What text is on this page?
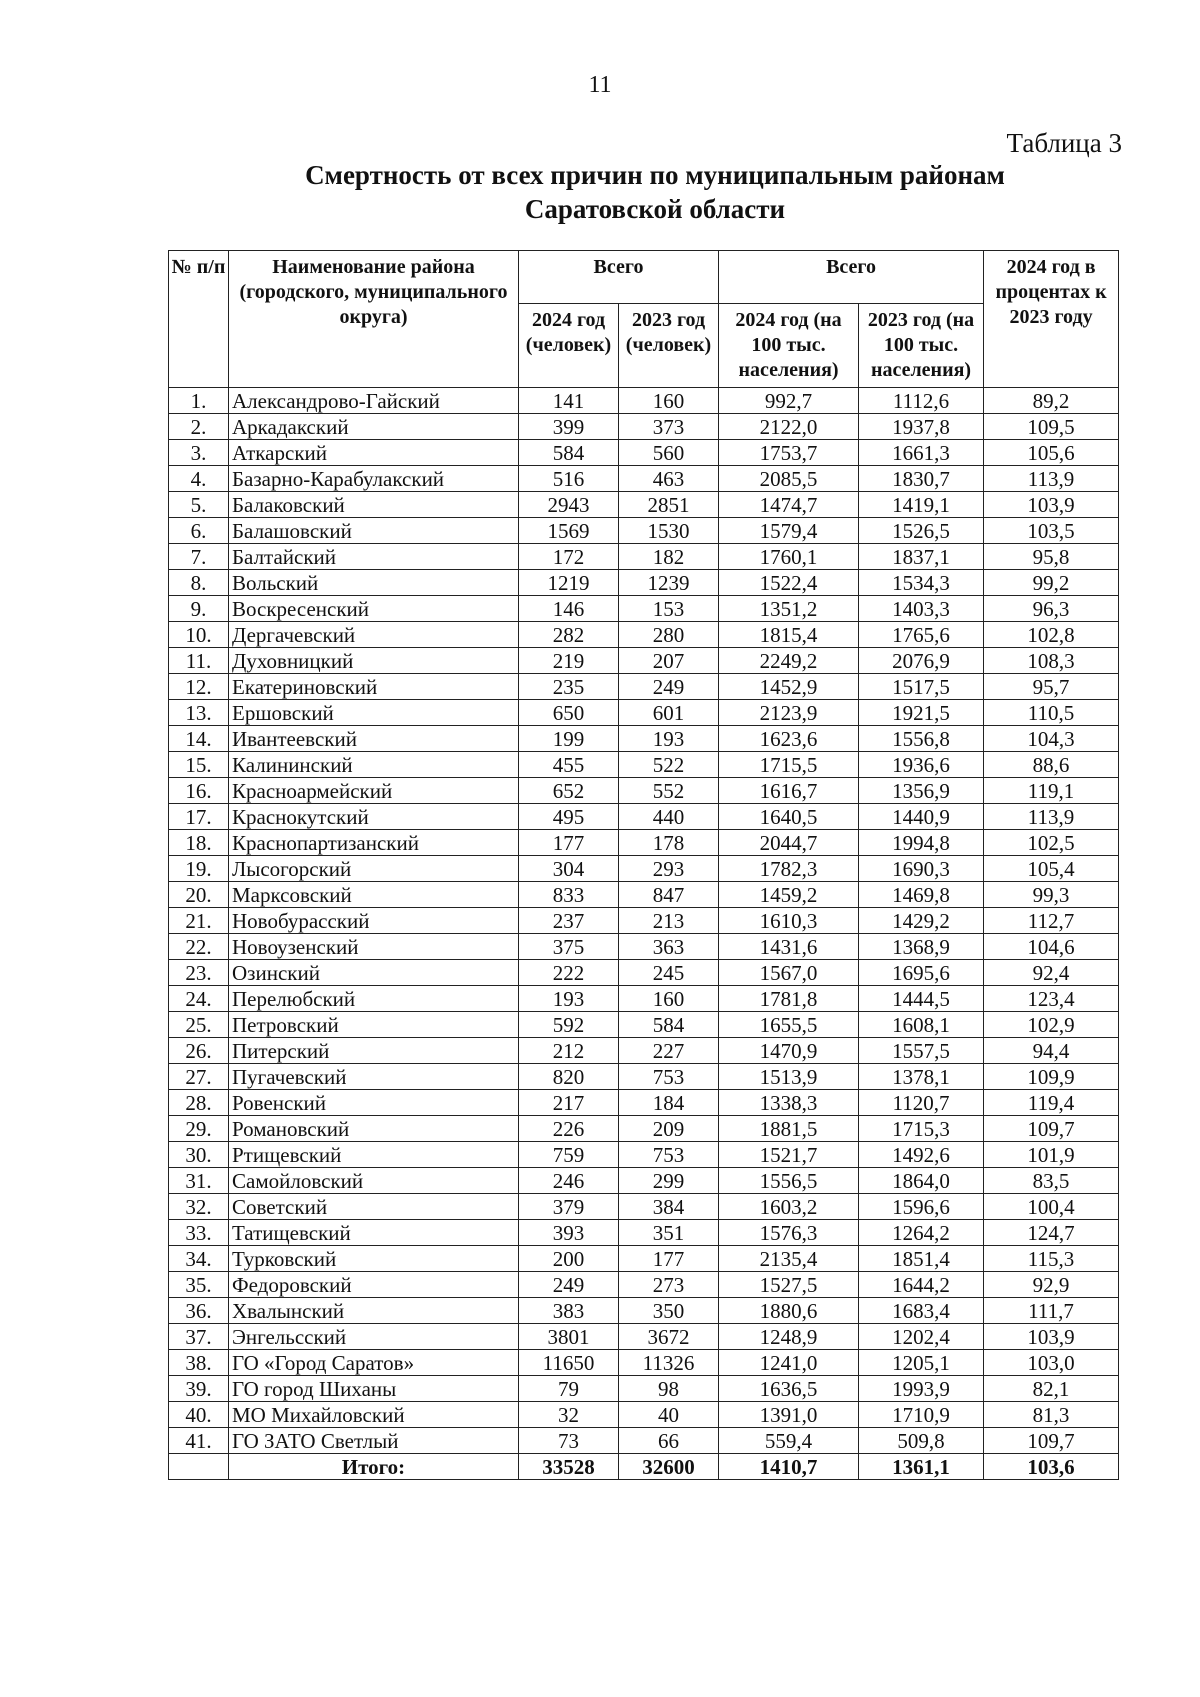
11
Таблица 3
Смертность от всех причин по муниципальным районам
Саратовской области
№ п/п	Наименование района (городского, муниципального округа)	Всего		Всего		2024 год в процентах к 2023 году
		2024 год (человек)	2023 год (человек)	2024 год (на 100 тыс. населения)	2023 год (на 100 тыс. населения)	
1.	Александрово-Гайский	141	160	992,7	1112,6	89,2
2.	Аркадакский	399	373	2122,0	1937,8	109,5
3.	Аткарский	584	560	1753,7	1661,3	105,6
4.	Базарно-Карабулакский	516	463	2085,5	1830,7	113,9
5.	Балаковский	2943	2851	1474,7	1419,1	103,9
6.	Балашовский	1569	1530	1579,4	1526,5	103,5
7.	Балтайский	172	182	1760,1	1837,1	95,8
8.	Вольский	1219	1239	1522,4	1534,3	99,2
9.	Воскресенский	146	153	1351,2	1403,3	96,3
10.	Дергачевский	282	280	1815,4	1765,6	102,8
11.	Духовницкий	219	207	2249,2	2076,9	108,3
12.	Екатериновский	235	249	1452,9	1517,5	95,7
13.	Ершовский	650	601	2123,9	1921,5	110,5
14.	Ивантеевский	199	193	1623,6	1556,8	104,3
15.	Калининский	455	522	1715,5	1936,6	88,6
16.	Красноармейский	652	552	1616,7	1356,9	119,1
17.	Краснокутский	495	440	1640,5	1440,9	113,9
18.	Краснопартизанский	177	178	2044,7	1994,8	102,5
19.	Лысогорский	304	293	1782,3	1690,3	105,4
20.	Марксовский	833	847	1459,2	1469,8	99,3
21.	Новобурасский	237	213	1610,3	1429,2	112,7
22.	Новоузенский	375	363	1431,6	1368,9	104,6
23.	Озинский	222	245	1567,0	1695,6	92,4
24.	Перелюбский	193	160	1781,8	1444,5	123,4
25.	Петровский	592	584	1655,5	1608,1	102,9
26.	Питерский	212	227	1470,9	1557,5	94,4
27.	Пугачевский	820	753	1513,9	1378,1	109,9
28.	Ровенский	217	184	1338,3	1120,7	119,4
29.	Романовский	226	209	1881,5	1715,3	109,7
30.	Ртищевский	759	753	1521,7	1492,6	101,9
31.	Самойловский	246	299	1556,5	1864,0	83,5
32.	Советский	379	384	1603,2	1596,6	100,4
33.	Татищевский	393	351	1576,3	1264,2	124,7
34.	Турковский	200	177	2135,4	1851,4	115,3
35.	Федоровский	249	273	1527,5	1644,2	92,9
36.	Хвалынский	383	350	1880,6	1683,4	111,7
37.	Энгельсский	3801	3672	1248,9	1202,4	103,9
38.	ГО «Город Саратов»	11650	11326	1241,0	1205,1	103,0
39.	ГО город Шиханы	79	98	1636,5	1993,9	82,1
40.	МО Михайловский	32	40	1391,0	1710,9	81,3
41.	ГО ЗАТО Светлый	73	66	559,4	509,8	109,7
	Итого:	33528	32600	1410,7	1361,1	103,6
